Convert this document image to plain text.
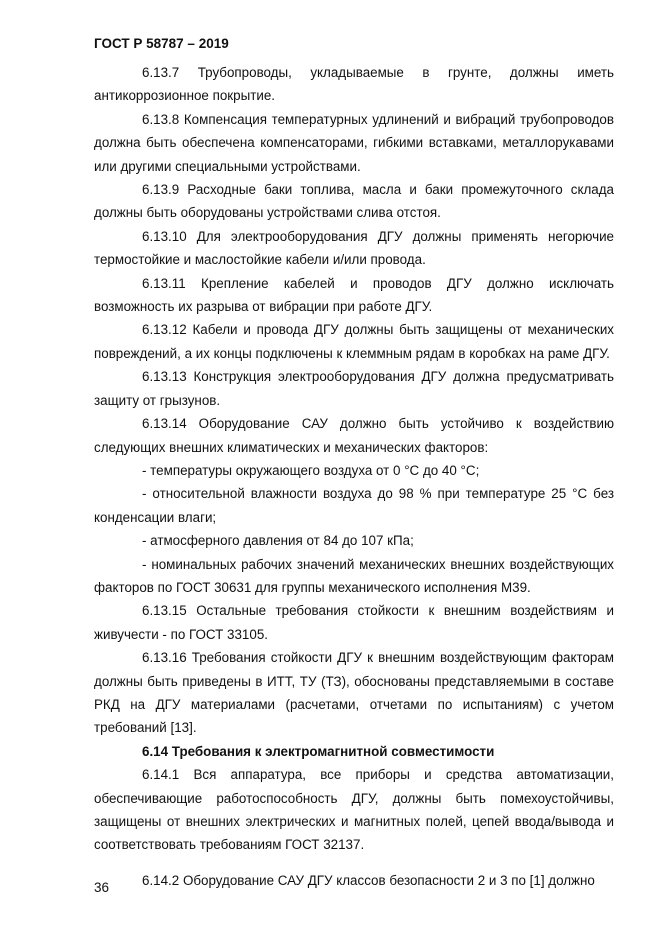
ГОСТ Р 58787 – 2019

6.13.7 Трубопроводы, укладываемые в грунте, должны иметь антикоррозионное покрытие.

6.13.8 Компенсация температурных удлинений и вибраций трубопроводов должна быть обеспечена компенсаторами, гибкими вставками, металлорукавами или другими специальными устройствами.

6.13.9 Расходные баки топлива, масла и баки промежуточного склада должны быть оборудованы устройствами слива отстоя.

6.13.10 Для электрооборудования ДГУ должны применять негорючие термостойкие и маслостойкие кабели и/или провода.

6.13.11 Крепление кабелей и проводов ДГУ должно исключать возможность их разрыва от вибрации при работе ДГУ.

6.13.12 Кабели и провода ДГУ должны быть защищены от механических повреждений, а их концы подключены к клеммным рядам в коробках на раме ДГУ.

6.13.13 Конструкция электрооборудования ДГУ должна предусматривать защиту от грызунов.

6.13.14 Оборудование САУ должно быть устойчиво к воздействию следующих внешних климатических и механических факторов:

- температуры окружающего воздуха от 0 °С до 40 °С;

- относительной влажности воздуха до 98 % при температуре 25 °С без конденсации влаги;

- атмосферного давления от 84 до 107 кПа;

- номинальных рабочих значений механических внешних воздействующих факторов по ГОСТ 30631 для группы механического исполнения М39.

6.13.15 Остальные требования стойкости к внешним воздействиям и живучести - по ГОСТ 33105.

6.13.16 Требования стойкости ДГУ к внешним воздействующим факторам должны быть приведены в ИТТ, ТУ (ТЗ), обоснованы представляемыми в составе РКД на ДГУ материалами (расчетами, отчетами по испытаниям) с учетом требований [13].

6.14 Требования к электромагнитной совместимости

6.14.1 Вся аппаратура, все приборы и средства автоматизации, обеспечивающие работоспособность ДГУ, должны быть помехоустойчивы, защищены от внешних электрических и магнитных полей, цепей ввода/вывода и соответствовать требованиям ГОСТ 32137.

6.14.2 Оборудование САУ ДГУ классов безопасности 2 и 3 по [1] должно

36
